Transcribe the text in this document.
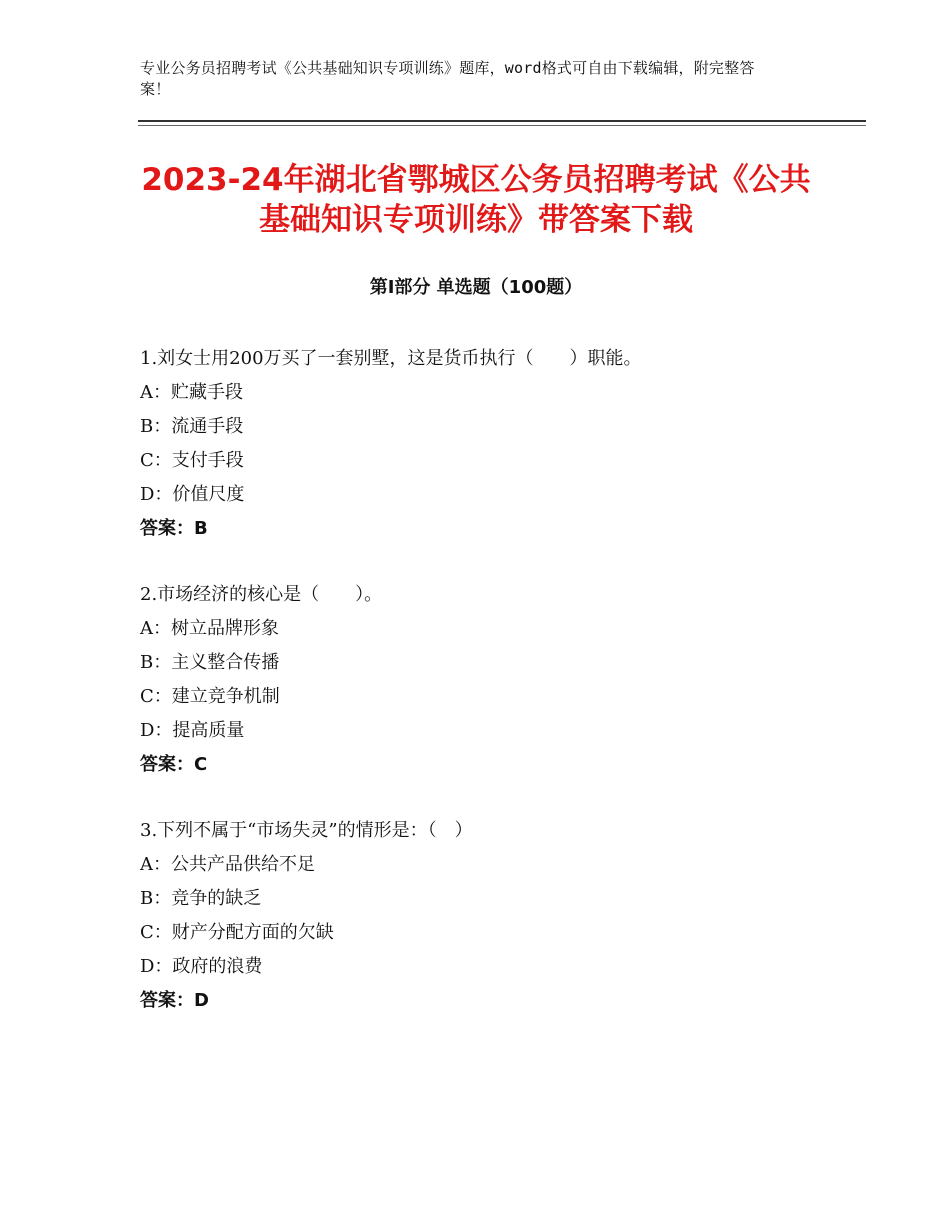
专业公务员招聘考试《公共基础知识专项训练》题库，word格式可自由下载编辑，附完整答案！
2023-24年湖北省鄂城区公务员招聘考试《公共基础知识专项训练》带答案下载
第Ⅰ部分 单选题（100题）
1.刘女士用200万买了一套别墅，这是货币执行（　　）职能。
A：贮藏手段
B：流通手段
C：支付手段
D：价值尺度
答案：B
2.市场经济的核心是（　　）。
A：树立品牌形象
B：主义整合传播
C：建立竞争机制
D：提高质量
答案：C
3.下列不属于“市场失灵”的情形是：（　）
A：公共产品供给不足
B：竞争的缺乏
C：财产分配方面的欠缺
D：政府的浪费
答案：D
